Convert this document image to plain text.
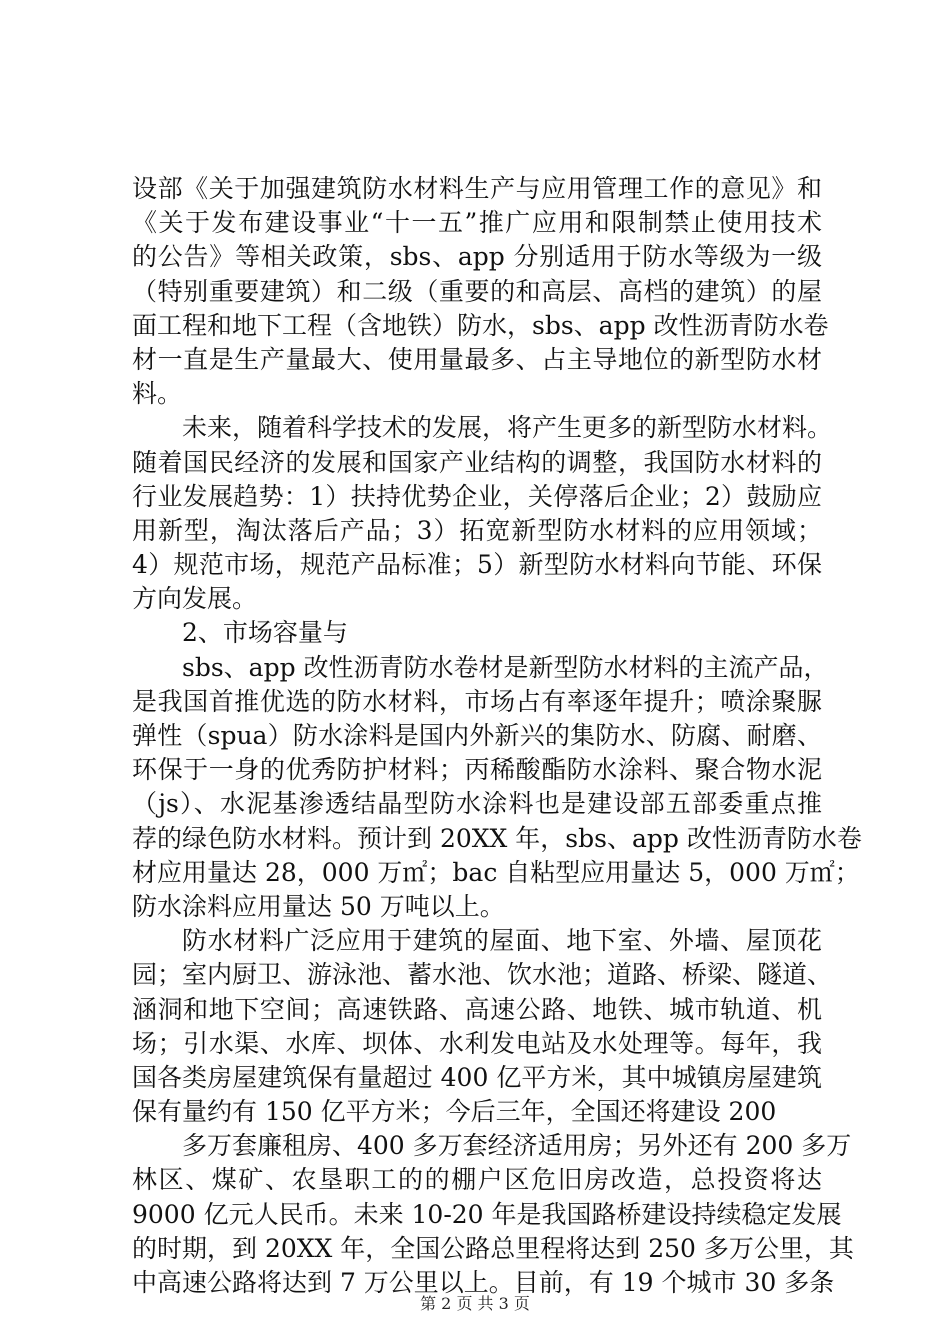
设部《关于加强建筑防水材料生产与应用管理工作的意见》和
《关于发布建设事业“十一五”推广应用和限制禁止使用技术
的公告》等相关政策，sbs、app 分别适用于防水等级为一级
（特别重要建筑）和二级（重要的和高层、高档的建筑）的屋
面工程和地下工程（含地铁）防水，sbs、app 改性沥青防水卷
材一直是生产量最大、使用量最多、占主导地位的新型防水材
料。
未来，随着科学技术的发展，将产生更多的新型防水材料。
随着国民经济的发展和国家产业结构的调整，我国防水材料的
行业发展趋势：1）扶持优势企业，关停落后企业；2）鼓励应
用新型，淘汰落后产品；3）拓宽新型防水材料的应用领域；
4）规范市场，规范产品标准；5）新型防水材料向节能、环保
方向发展。
2、市场容量与
sbs、app 改性沥青防水卷材是新型防水材料的主流产品，
是我国首推优选的防水材料，市场占有率逐年提升；喷涂聚脲
弹性（spua）防水涂料是国内外新兴的集防水、防腐、耐磨、
环保于一身的优秀防护材料；丙稀酸酯防水涂料、聚合物水泥
（js）、水泥基渗透结晶型防水涂料也是建设部五部委重点推
荐的绿色防水材料。预计到 20XX 年，sbs、app 改性沥青防水卷
材应用量达 28，000 万㎡；bac 自粘型应用量达 5，000 万㎡；
防水涂料应用量达 50 万吨以上。
防水材料广泛应用于建筑的屋面、地下室、外墙、屋顶花
园；室内厨卫、游泳池、蓄水池、饮水池；道路、桥梁、隧道、
涵洞和地下空间；高速铁路、高速公路、地铁、城市轨道、机
场；引水渠、水库、坝体、水利发电站及水处理等。每年，我
国各类房屋建筑保有量超过 400 亿平方米，其中城镇房屋建筑
保有量约有 150 亿平方米；今后三年，全国还将建设 200
多万套廉租房、400 多万套经济适用房；另外还有 200 多万
林区、煤矿、农垦职工的的棚户区危旧房改造，总投资将达
9000 亿元人民币。未来 10-20 年是我国路桥建设持续稳定发展
的时期，到 20XX 年，全国公路总里程将达到 250 多万公里，其
中高速公路将达到 7 万公里以上。目前，有 19 个城市 30 多条
第 2 页 共 3 页
